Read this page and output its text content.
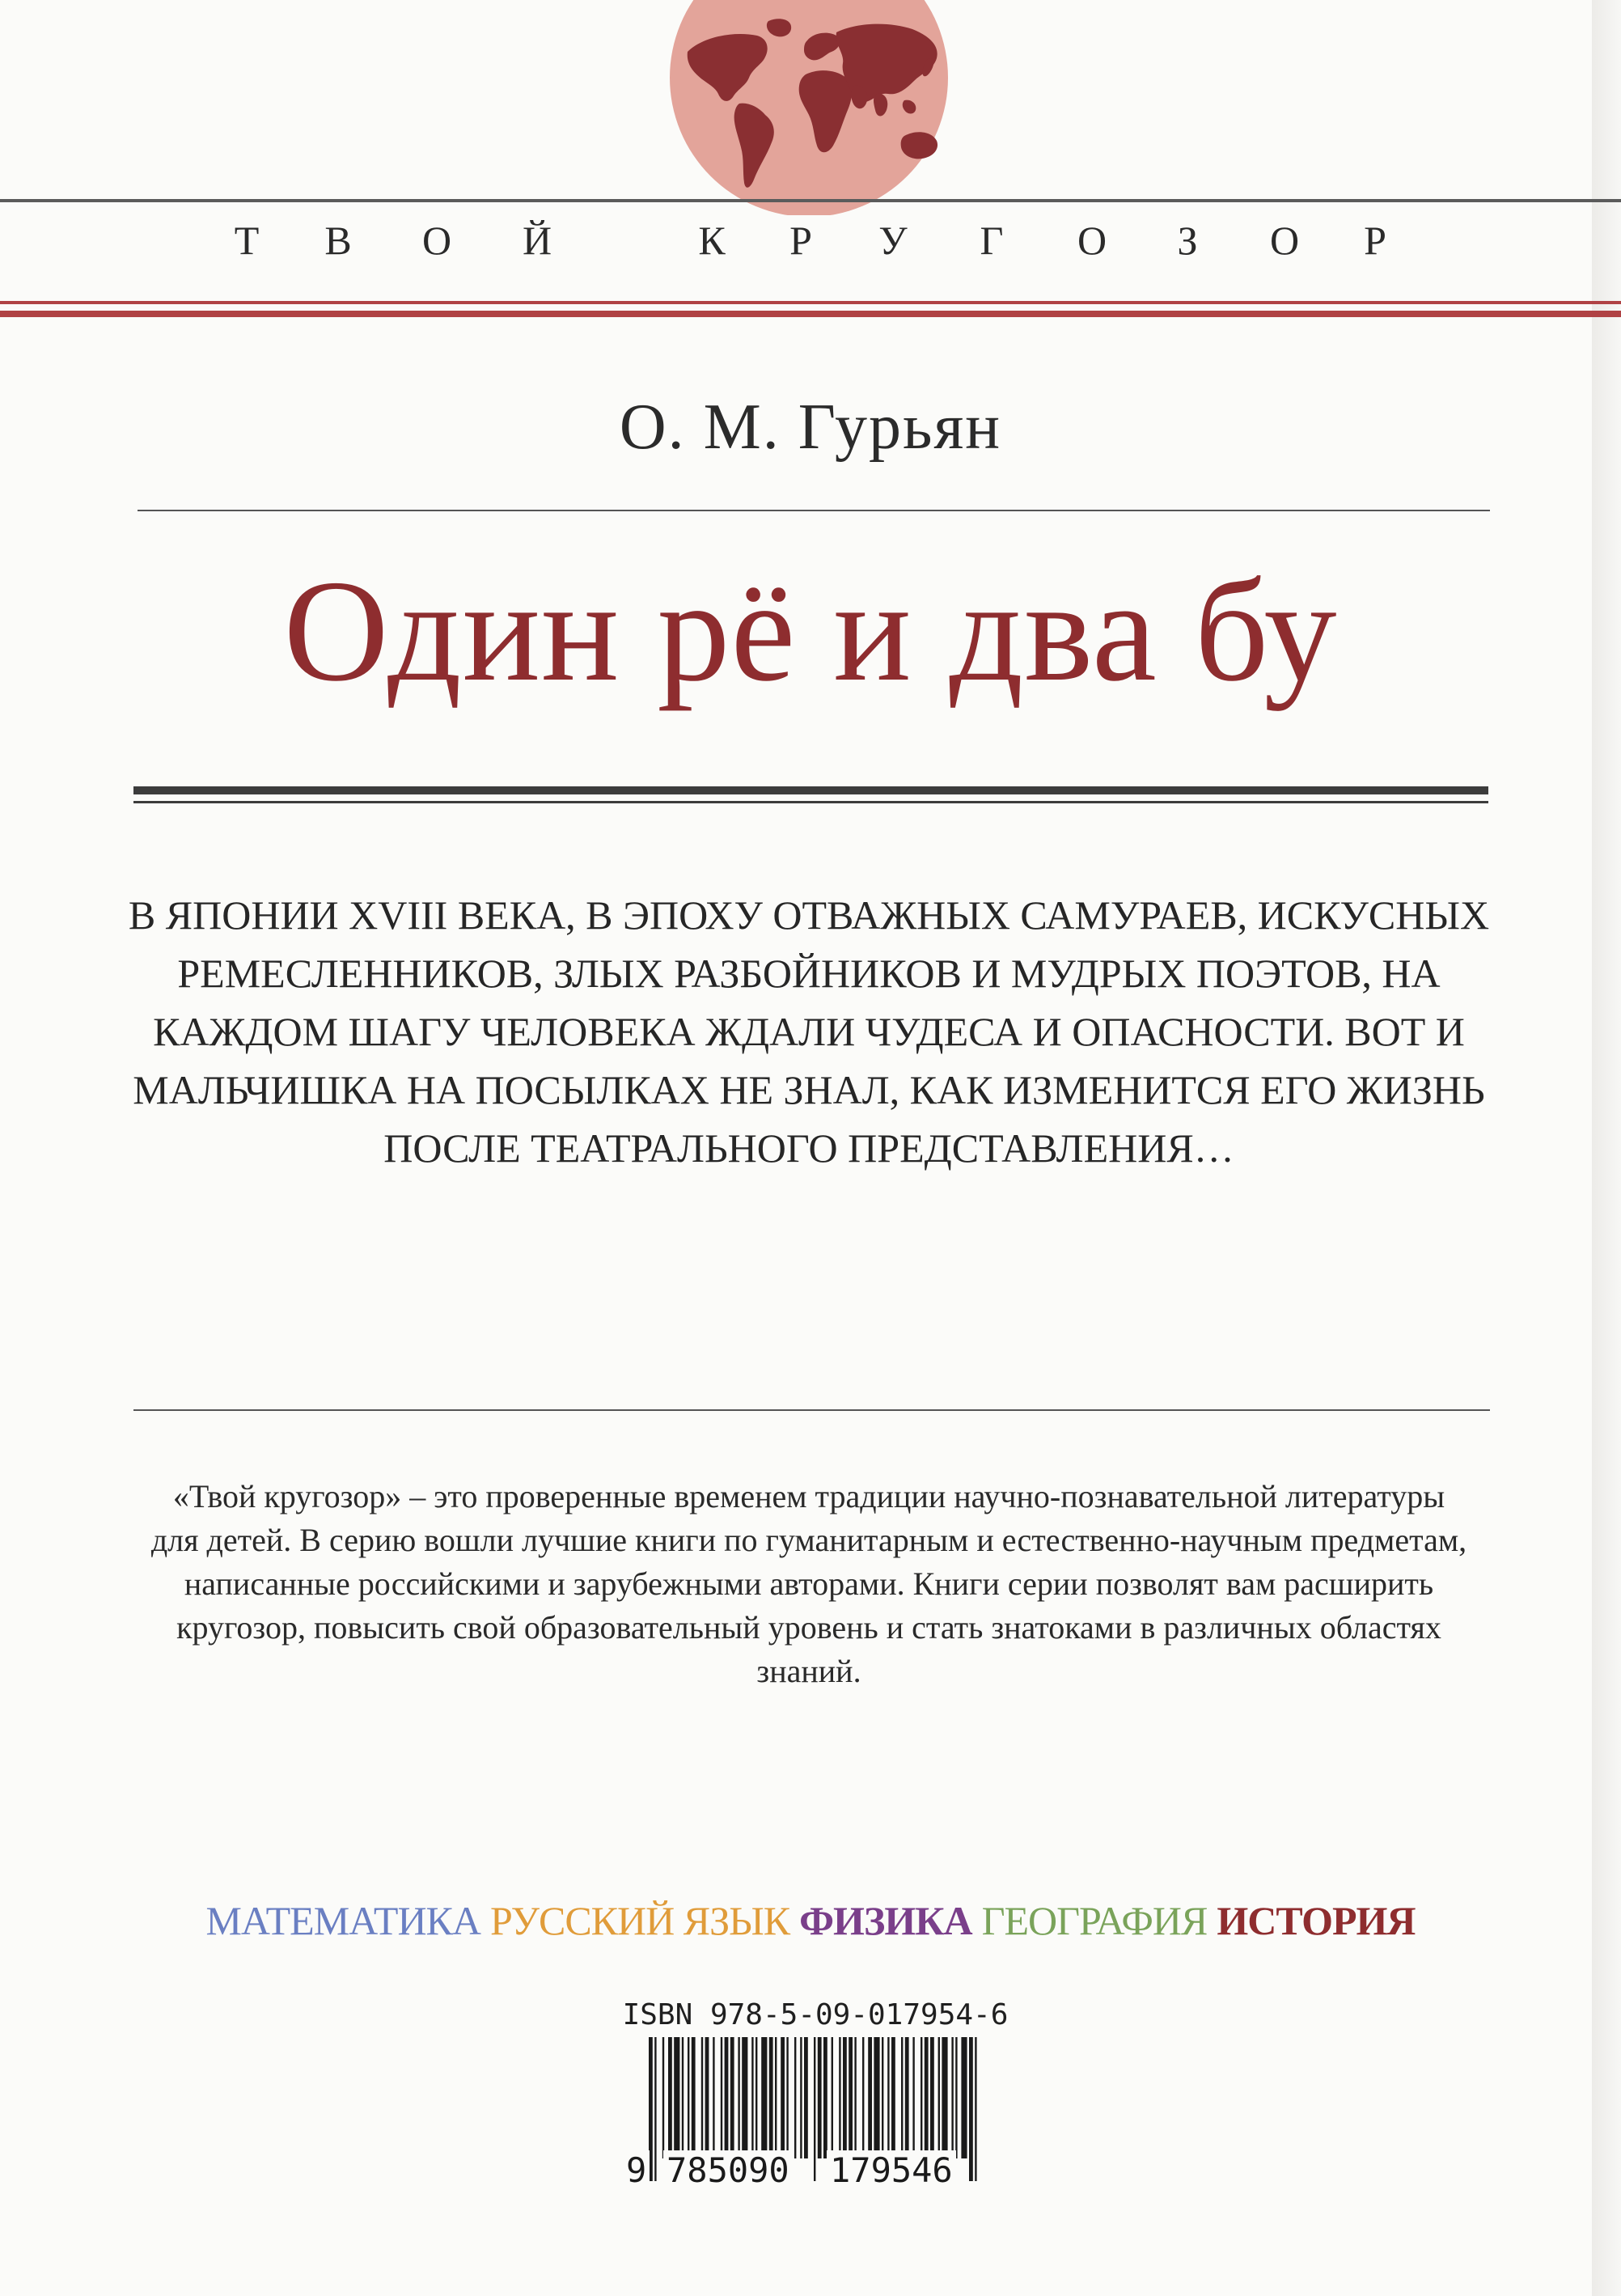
Т В О Й	К Р У Г О З О Р
О. М. Гурьян
Один рё и два бу
В ЯПОНИИ XVIII ВЕКА, В ЭПОХУ ОТВАЖНЫХ САМУРАЕВ, ИСКУСНЫХ РЕМЕСЛЕННИКОВ, ЗЛЫХ РАЗБОЙНИКОВ И МУДРЫХ ПОЭТОВ, НА КАЖДОМ ШАГУ ЧЕЛОВЕКА ЖДАЛИ ЧУДЕСА И ОПАСНОСТИ. ВОТ И МАЛЬЧИШКА НА ПОСЫЛКАХ НЕ ЗНАЛ, КАК ИЗМЕНИТСЯ ЕГО ЖИЗНЬ ПОСЛЕ ТЕАТРАЛЬНОГО ПРЕДСТАВЛЕНИЯ…
«Твой кругозор» – это проверенные временем традиции научно-познавательной литературы для детей. В серию вошли лучшие книги по гуманитарным и естественно-научным предметам, написанные российскими и зарубежными авторами. Книги серии позволят вам расширить кругозор, повысить свой образовательный уровень и стать знатоками в различных областях знаний.
МАТЕМАТИКА РУССКИЙ ЯЗЫК ФИЗИКА ГЕОГРАФИЯ ИСТОРИЯ
ISBN 978-5-09-017954-6
9 785090 179546
